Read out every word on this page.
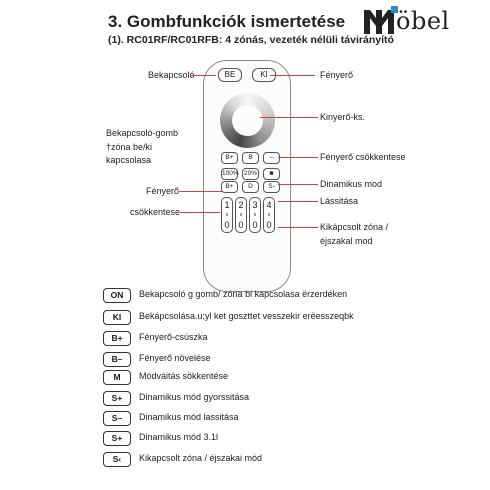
3. Gombfunkciók ismertetése
(1). RC01RF/RC01RFB: 4 zónás, vezeték nélüli távirányító
öbel
BE	KI
B+	B	–
100% 20%	■
B+	D	S-
1
x
0
2
x
0
3
x
0
4
x
0
Bekapcsoló
Bekapcsoló-gomb
†zóna be/ki
kapcsolasa
Fényerő-
csökkentese
Fényerő
Kinyerő-ks.
Fényerő csökkentese
Dinamikus mod
Lássitása
Kikápcsolt zóna /
éjszakal mod
ON	Bekapcsoló g gomb/ zóna bi kapcsolasa ërzerdéken
KI	Bekápcsolása.u;yl ket goszttet vesszekir erëesszeqbk
B+	Fényerő-csúszka
B–	Fényerő növelése
M	Módváitás sökkentése
S+	Dinamikus mód gyorssitása
S–	Dinamikus mód lassitása
S+	Dinamikus mód 3.1l
S‹	Kikapcsolt zóna / éjszakai mód
